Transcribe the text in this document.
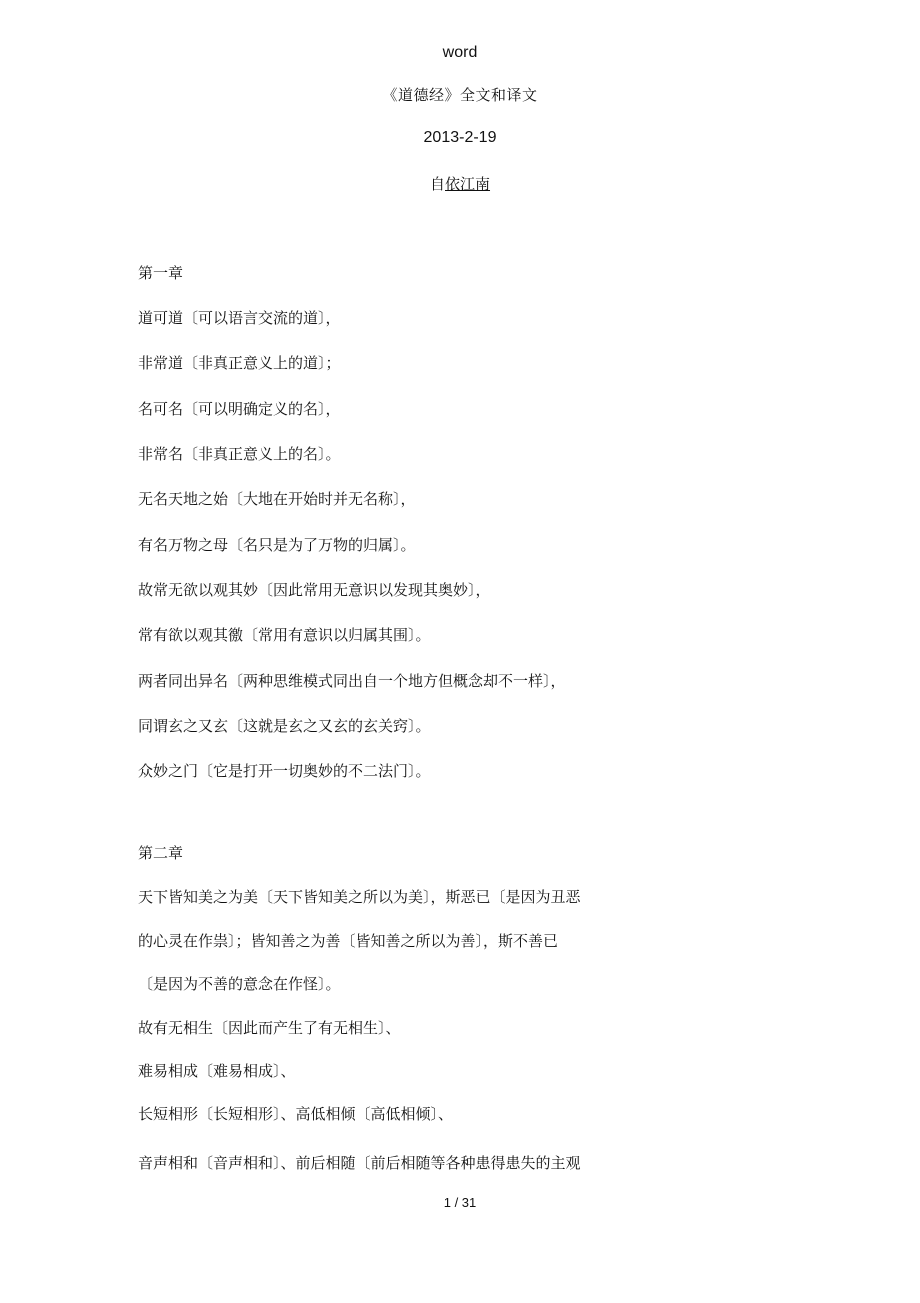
word
《道德经》全文和译文
2013-2-19
自依江南
第一章
道可道〔可以语言交流的道〕，
非常道〔非真正意义上的道〕；
名可名〔可以明确定义的名〕，
非常名〔非真正意义上的名〕。
无名天地之始〔大地在开始时并无名称〕，
有名万物之母〔名只是为了万物的归属〕。
故常无欲以观其妙〔因此常用无意识以发现其奥妙〕，
常有欲以观其徼〔常用有意识以归属其围〕。
两者同出异名〔两种思维模式同出自一个地方但概念却不一样〕，
同谓玄之又玄〔这就是玄之又玄的玄关窍〕。
众妙之门〔它是打开一切奥妙的不二法门〕。
第二章
天下皆知美之为美〔天下皆知美之所以为美〕，斯恶已〔是因为丑恶
的心灵在作祟〕；皆知善之为善〔皆知善之所以为善〕，斯不善已
〔是因为不善的意念在作怪〕。
故有无相生〔因此而产生了有无相生〕、
难易相成〔难易相成〕、
长短相形〔长短相形〕、高低相倾〔高低相倾〕、
音声相和〔音声相和〕、前后相随〔前后相随等各种患得患失的主观
1 / 31
